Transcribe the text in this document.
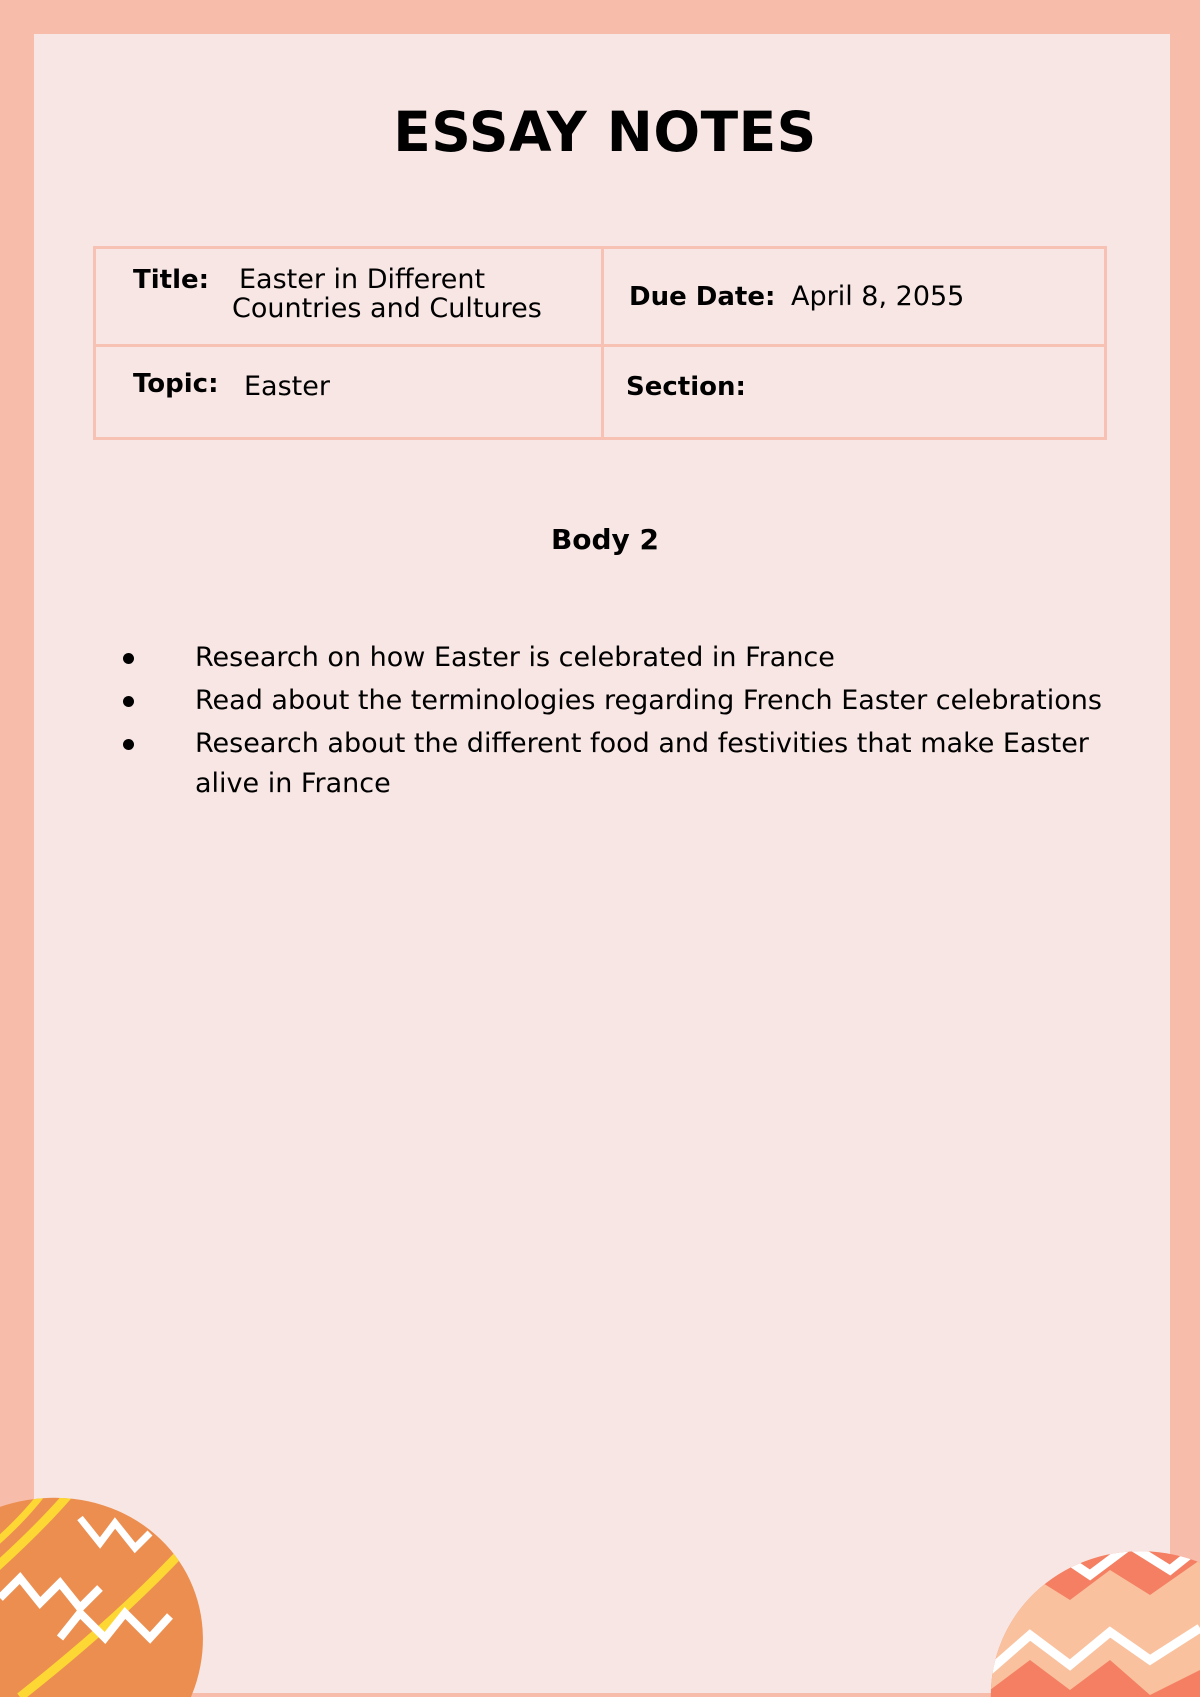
ESSAY NOTES
Title: Easter in Different
Countries and Cultures	Due Date: April 8, 2055
Topic: Easter	Section:
Body 2
Research on how Easter is celebrated in France
Read about the terminologies regarding French Easter celebrations
Research about the different food and festivities that make Easter alive in France
